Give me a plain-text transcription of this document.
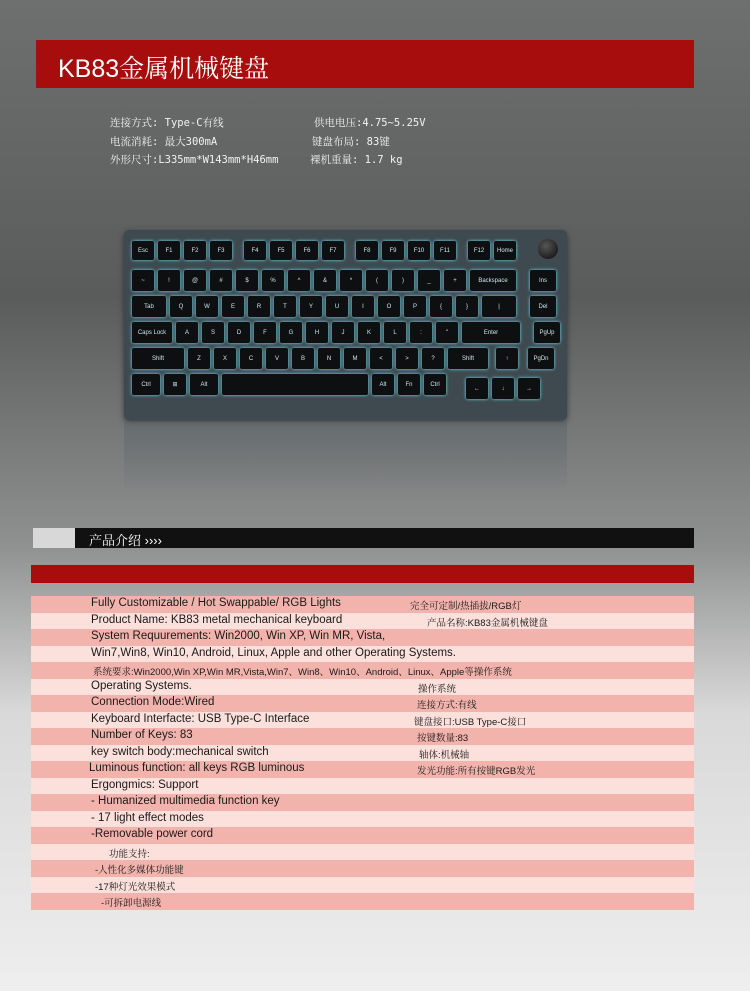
KB83金属机械键盘
连接方式: Type-C有线	供电电压:4.75~5.25V
电流消耗: 最大300mA	键盘布局: 83键
外形尺寸:L335mm*W143mm*H46mm	裸机重量: 1.7 kg
Esc	F1	F2	F3	F4	F5	F6	F7	F8	F9	F10	F11	F12	Home
~	!	@	#	$	%	^	&	*	(	)	_	+	Backspace	Ins
Tab	Q	W	E	R	T	Y	U	I	O	P	{	}	|	Del
Caps Lock	A	S	D	F	G	H	J	K	L	:	"	Enter	PgUp
Shift	Z	X	C	V	B	N	M	<	>	?	Shift	↑	PgDn
Ctrl	⊞	Alt	Alt	Fn	Ctrl
←	↓	→
产品介绍 ››››
Fully Customizable / Hot Swappable/ RGB Lights	完全可定制/热插拔/RGB灯
Product Name: KB83 metal mechanical keyboard	产品名称:KB83金属机械键盘
System Requurements: Win2000, Win XP, Win MR, Vista,
Win7,Win8, Win10, Android, Linux, Apple and other Operating Systems.
系统要求:Win2000,Win XP,Win MR,Vista,Win7、Win8、Win10、Android、Linux、Apple等操作系统
Operating Systems.	操作系统
Connection Mode:Wired	连接方式:有线
Keyboard Interfacte: USB Type-C Interface	键盘接口:USB Type-C接口
Number of Keys: 83	按键数量:83
key switch body:mechanical switch	轴体:机械轴
Luminous function: all keys RGB luminous	发光功能:所有按键RGB发光
Ergongmics: Support
- Humanized multimedia function key
- 17 light effect modes
-Removable power cord
功能支持:
-人性化多媒体功能键
-17种灯光效果模式
-可拆卸电源线
